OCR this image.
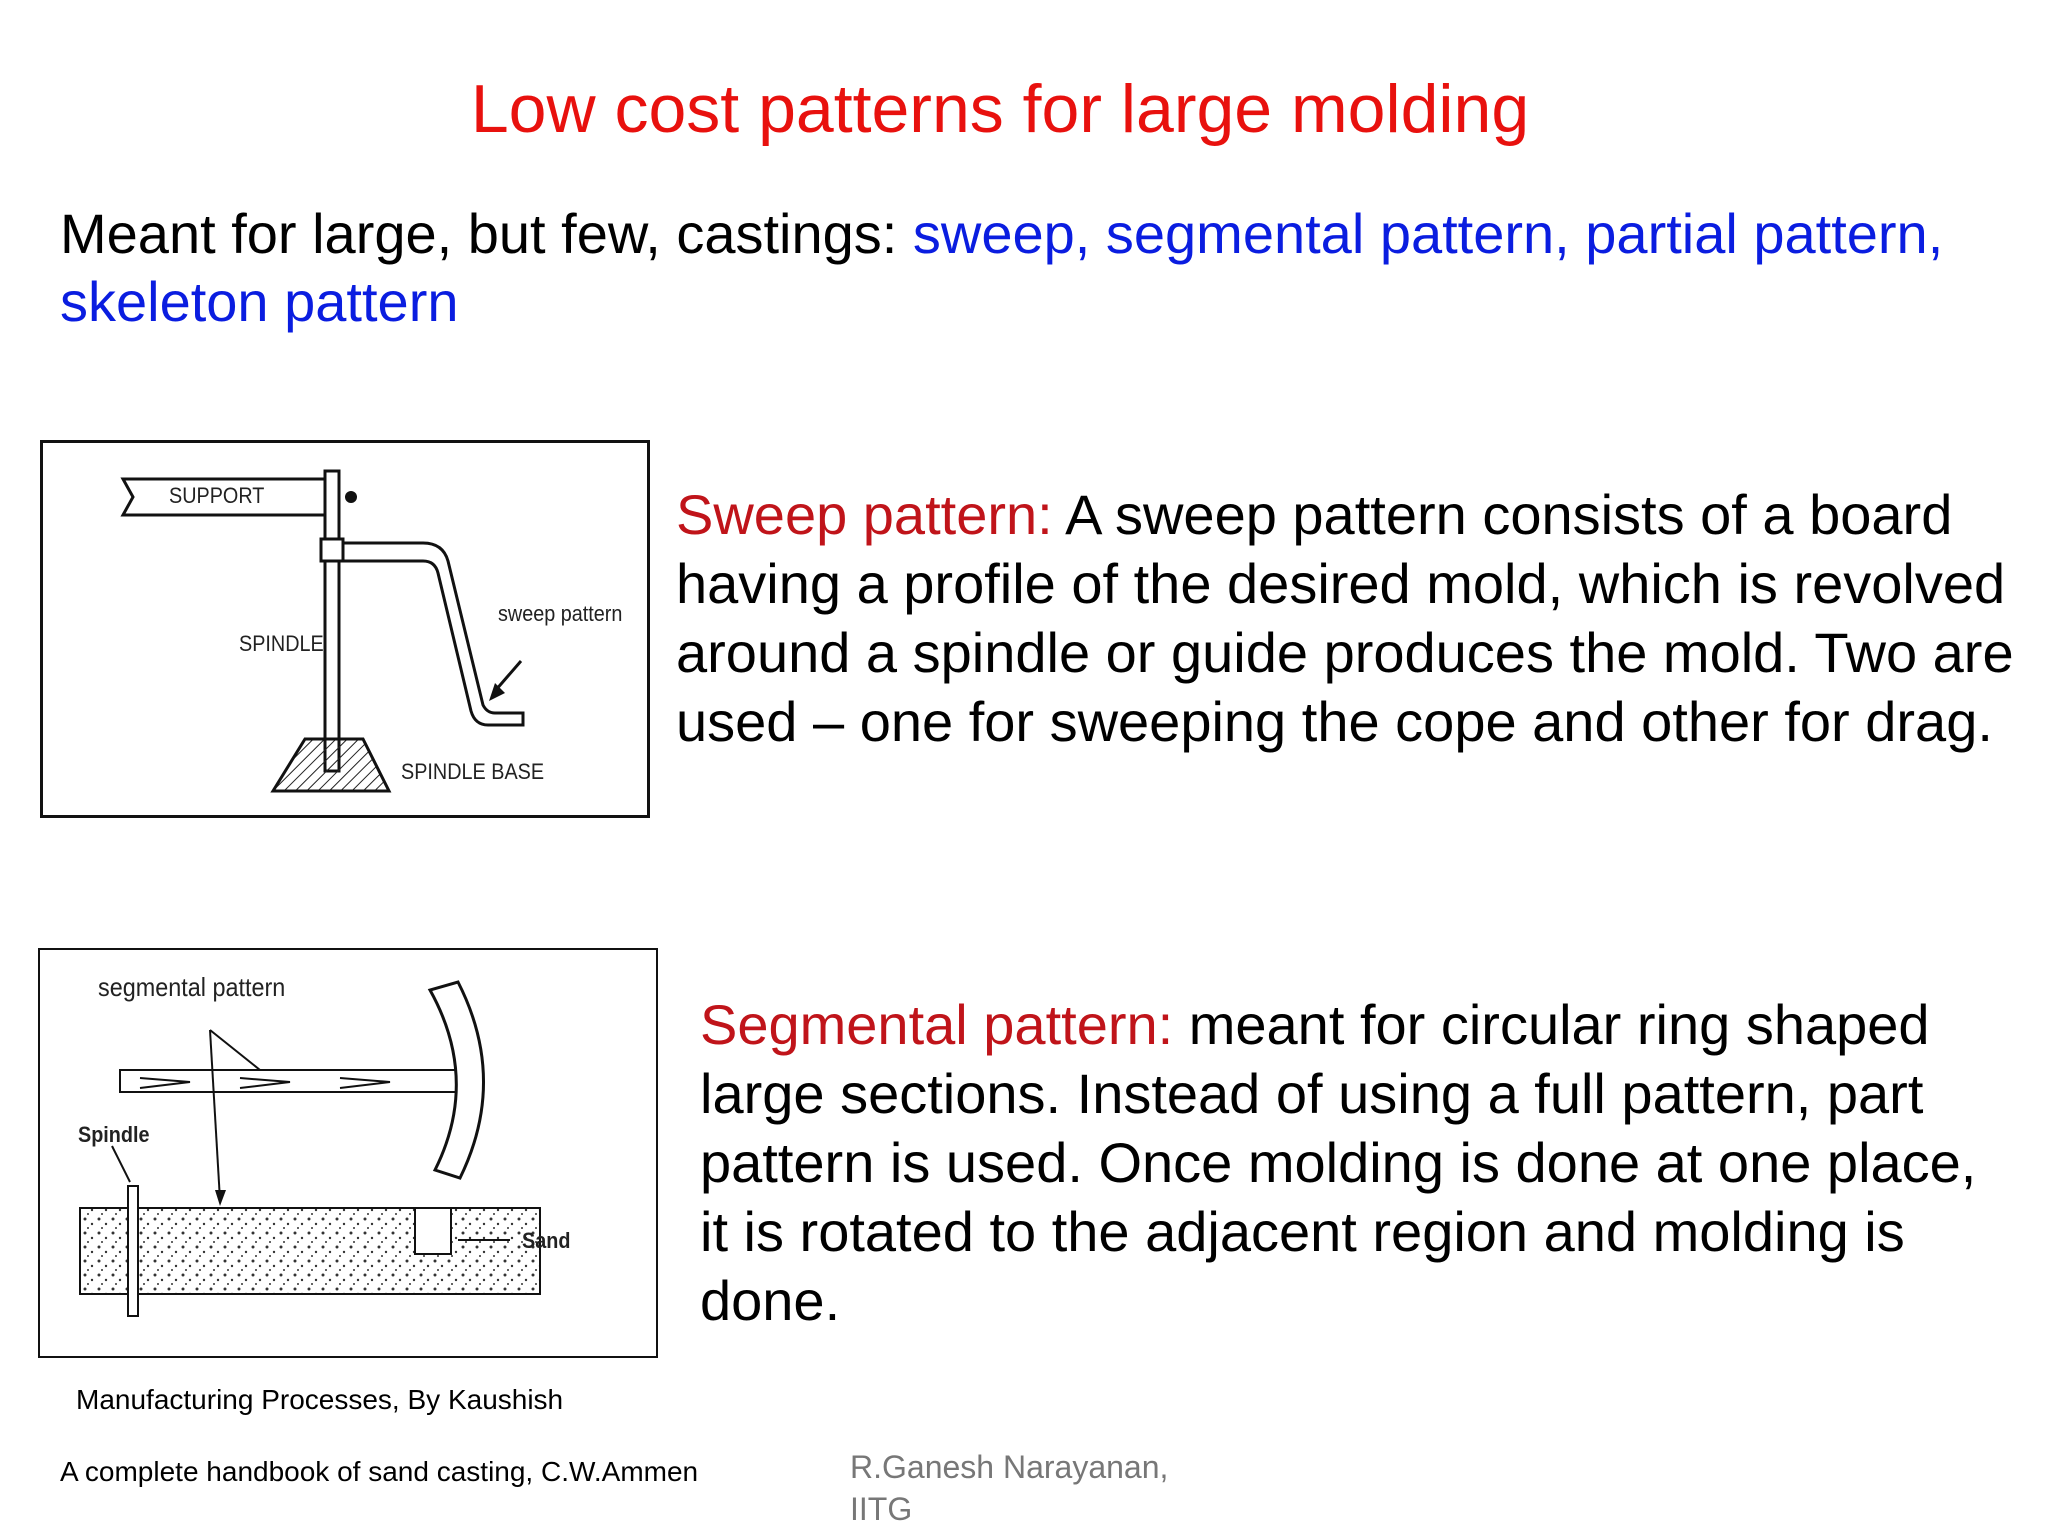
Low cost patterns for large molding
Meant for large, but few, castings: sweep, segmental pattern, partial pattern, skeleton pattern
SUPPORT
SPINDLE
sweep pattern
SPINDLE BASE
Sweep pattern: A sweep pattern consists of a board having a profile of the desired mold, which is revolved around a spindle or guide produces the mold. Two are used – one for sweeping the cope and other for drag.
segmental pattern
Spindle
Sand
Segmental pattern: meant for circular ring shaped large sections. Instead of using a full pattern, part pattern is used. Once molding is done at one place, it is rotated to the adjacent region and molding is done.
Manufacturing Processes, By Kaushish
A complete handbook of sand casting, C.W.Ammen	R.Ganesh Narayanan,
IITG
